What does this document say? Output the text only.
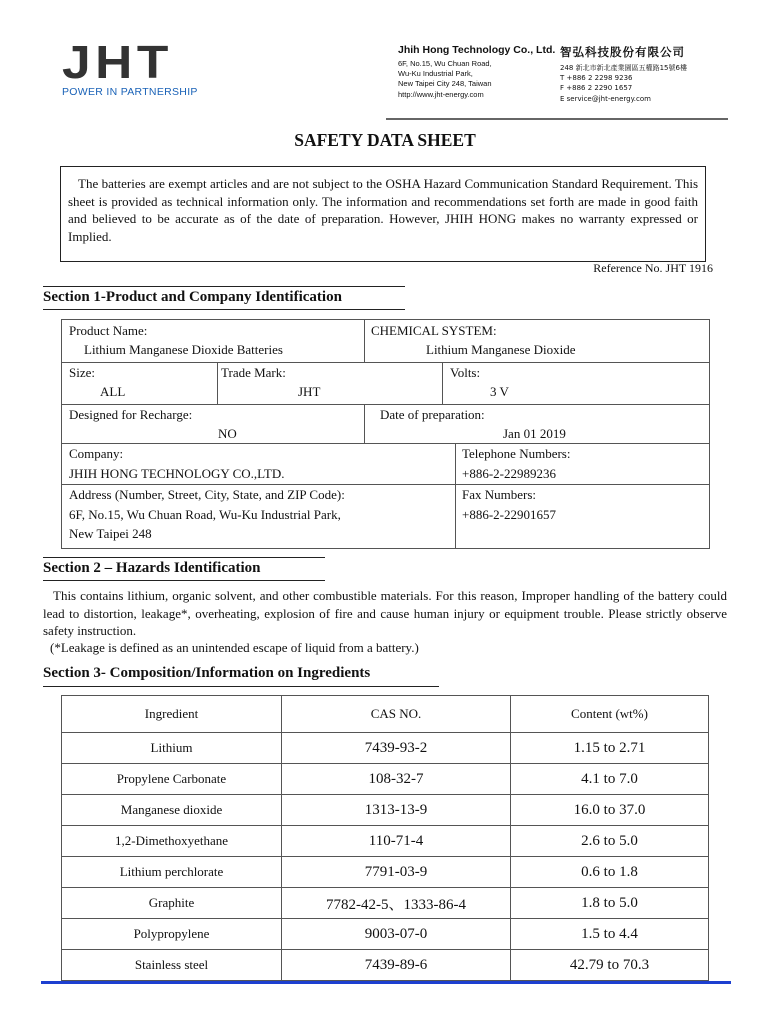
JHT
POWER IN PARTNERSHIP
Jhih Hong Technology Co., Ltd.
6F, No.15, Wu Chuan Road,
Wu-Ku Industrial Park,
New Taipei City 248, Taiwan
http://www.jht-energy.com
智弘科技股份有限公司
248 新北市新北產業園區五權路15號6樓
T +886 2 2298 9236
F +886 2 2290 1657
E service@jht-energy.com
SAFETY DATA SHEET
The batteries are exempt articles and are not subject to the OSHA Hazard Communication Standard Requirement. This sheet is provided as technical information only. The information and recommendations set forth are made in good faith and believed to be accurate as of the date of preparation. However, JHIH HONG makes no warranty expressed or Implied.
Reference No. JHT 1916
Section 1-Product and Company Identification
Product Name:
Lithium Manganese Dioxide Batteries
CHEMICAL SYSTEM:
Lithium Manganese Dioxide
Size:
ALL
Trade Mark:
JHT
Volts:
3 V
Designed for Recharge:
NO
Date of preparation:
Jan 01 2019
Company:
JHIH HONG TECHNOLOGY CO.,LTD.
Telephone Numbers:
+886-2-22989236
Address (Number, Street, City, State, and ZIP Code):
6F, No.15, Wu Chuan Road, Wu-Ku Industrial Park,
New Taipei 248
Fax Numbers:
+886-2-22901657
Section 2 – Hazards Identification
This contains lithium, organic solvent, and other combustible materials. For this reason, Improper handling of the battery could lead to distortion, leakage*, overheating, explosion of fire and cause human injury or equipment trouble. Please strictly observe safety instruction.
(*Leakage is defined as an unintended escape of liquid from a battery.)
Section 3- Composition/Information on Ingredients
Ingredient	CAS NO.	Content (wt%)
Lithium	7439-93-2	1.15 to 2.71
Propylene Carbonate	108-32-7	4.1 to 7.0
Manganese dioxide	1313-13-9	16.0 to 37.0
1,2-Dimethoxyethane	110-71-4	2.6 to 5.0
Lithium perchlorate	7791-03-9	0.6 to 1.8
Graphite	7782-42-5、1333-86-4	1.8 to 5.0
Polypropylene	9003-07-0	1.5 to 4.4
Stainless steel	7439-89-6	42.79 to 70.3
